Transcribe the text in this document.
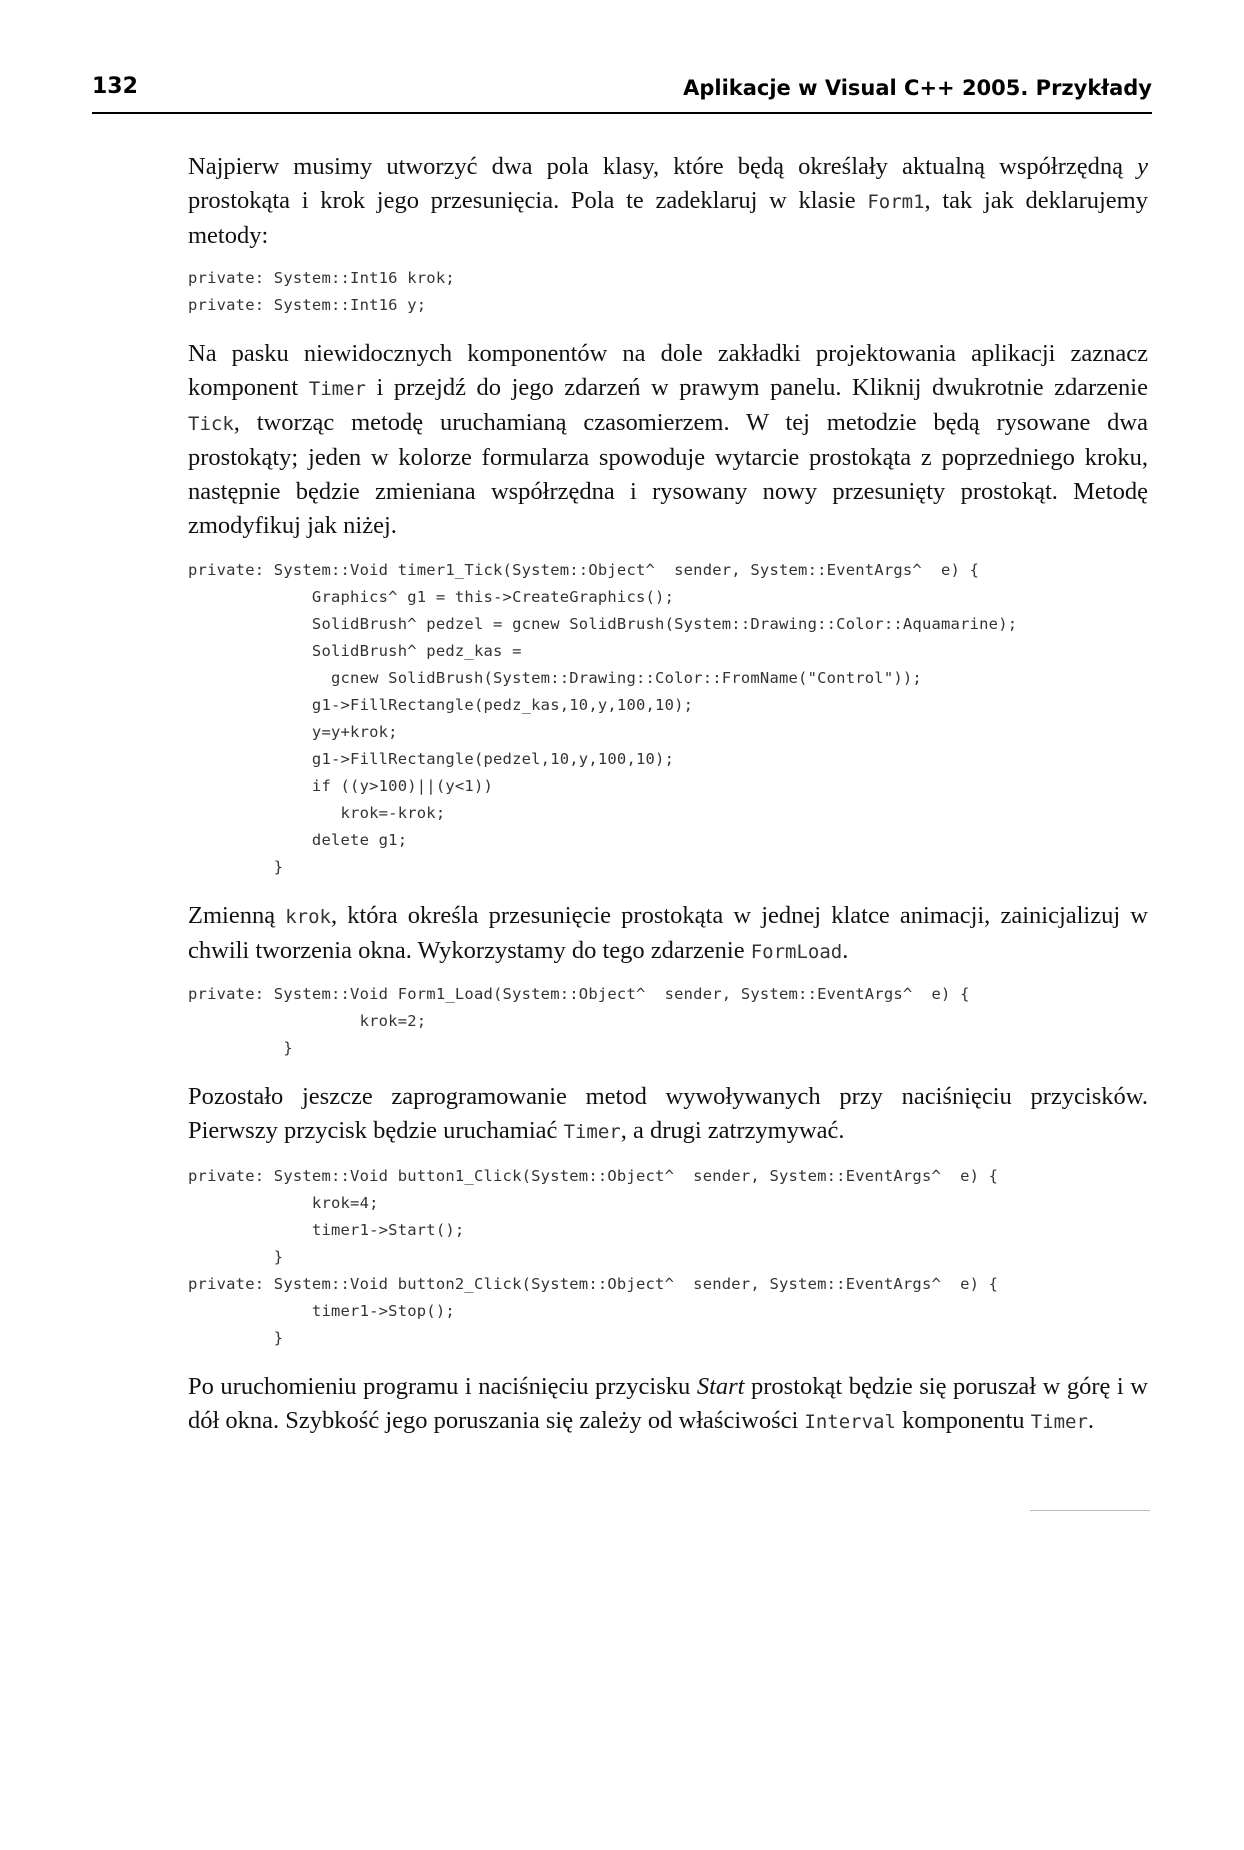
132	Aplikacje w Visual C++ 2005. Przykłady

Najpierw musimy utworzyć dwa pola klasy, które będą określały aktualną współrzędną y prostokąta i krok jego przesunięcia. Pola te zadeklaruj w klasie Form1, tak jak deklarujemy metody:

private: System::Int16 krok;
private: System::Int16 y;

Na pasku niewidocznych komponentów na dole zakładki projektowania aplikacji zaznacz komponent Timer i przejdź do jego zdarzeń w prawym panelu. Kliknij dwukrotnie zdarzenie Tick, tworząc metodę uruchamianą czasomierzem. W tej metodzie będą rysowane dwa prostokąty; jeden w kolorze formularza spowoduje wytarcie prostokąta z poprzedniego kroku, następnie będzie zmieniana współrzędna i rysowany nowy przesunięty prostokąt. Metodę zmodyfikuj jak niżej.

private: System::Void timer1_Tick(System::Object^  sender, System::EventArgs^  e) {
Graphics^ g1 = this->CreateGraphics();
SolidBrush^ pedzel = gcnew SolidBrush(System::Drawing::Color::Aquamarine);
SolidBrush^ pedz_kas =
gcnew SolidBrush(System::Drawing::Color::FromName("Control"));
g1->FillRectangle(pedz_kas,10,y,100,10);
y=y+krok;
g1->FillRectangle(pedzel,10,y,100,10);
if ((y>100)||(y<1))
krok=-krok;
delete g1;
}

Zmienną krok, która określa przesunięcie prostokąta w jednej klatce animacji, zainicjalizuj w chwili tworzenia okna. Wykorzystamy do tego zdarzenie FormLoad.

private: System::Void Form1_Load(System::Object^  sender, System::EventArgs^  e) {
krok=2;
}

Pozostało jeszcze zaprogramowanie metod wywoływanych przy naciśnięciu przycisków. Pierwszy przycisk będzie uruchamiać Timer, a drugi zatrzymywać.

private: System::Void button1_Click(System::Object^  sender, System::EventArgs^  e) {
krok=4;
timer1->Start();
}
private: System::Void button2_Click(System::Object^  sender, System::EventArgs^  e) {
timer1->Stop();
}

Po uruchomieniu programu i naciśnięciu przycisku Start prostokąt będzie się poruszał w górę i w dół okna. Szybkość jego poruszania się zależy od właściwości Interval komponentu Timer.
